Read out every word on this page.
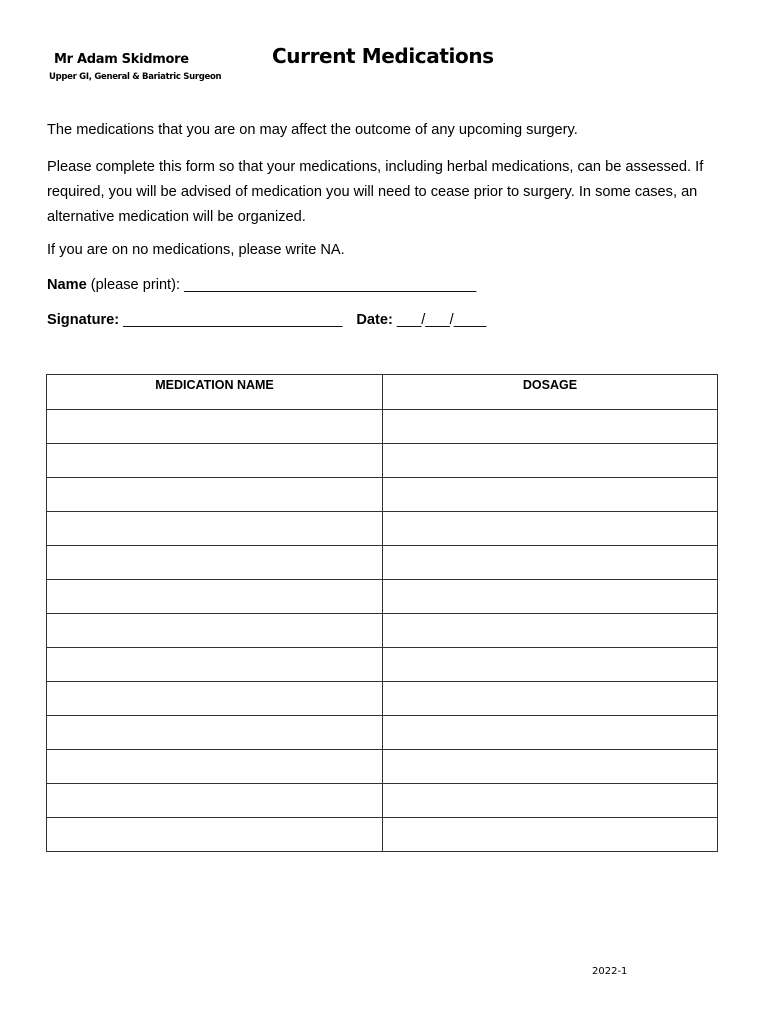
Mr Adam Skidmore
Upper GI, General & Bariatric Surgeon
Current Medications
The medications that you are on may affect the outcome of any upcoming surgery.
Please complete this form so that your medications, including herbal medications, can be assessed. If required, you will be advised of medication you will need to cease prior to surgery. In some cases, an alternative medication will be organized.
If you are on no medications, please write NA.
Name (please print): ____________________________________
Signature: ___________________________ Date: ___/___/____
MEDICATION NAME	DOSAGE

2022-1
